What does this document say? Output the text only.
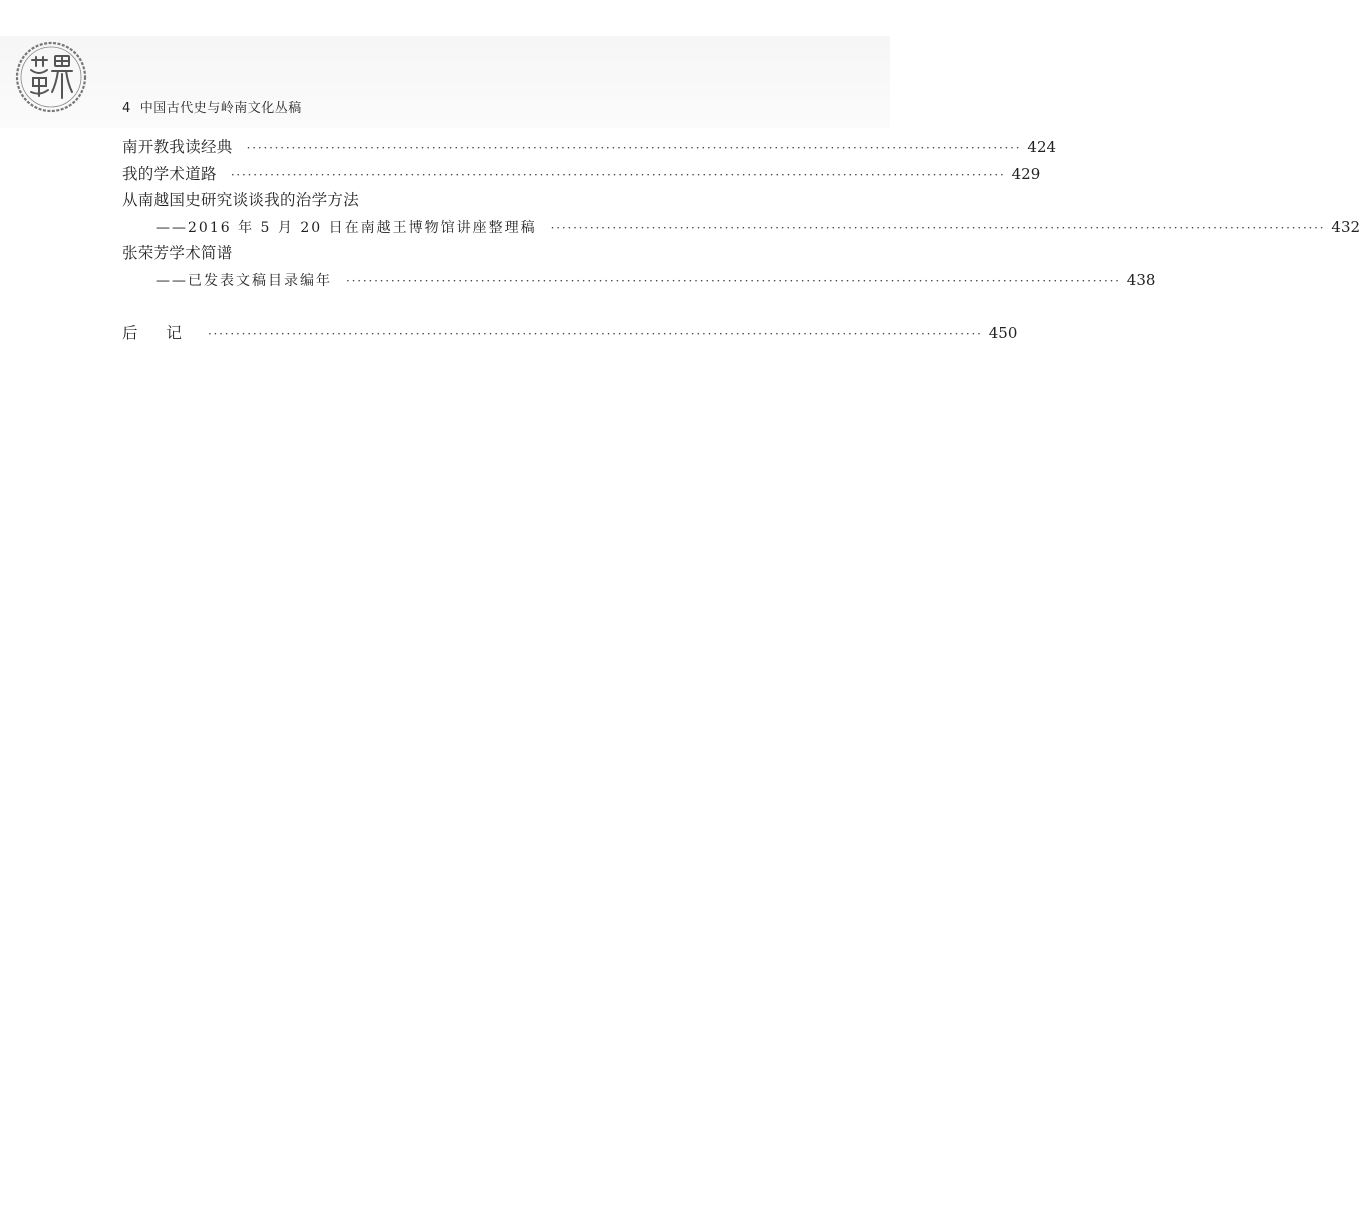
4 中国古代史与岭南文化丛稿
南开教我读经典 ·········································································································································· 424
我的学术道路 ·········································································································································· 429
从南越国史研究谈谈我的治学方法
——2016 年 5 月 20 日在南越王博物馆讲座整理稿 ·········································································································································· 432
张荣芳学术简谱
——已发表文稿目录编年 ·········································································································································· 438
后 记 ·········································································································································· 450
